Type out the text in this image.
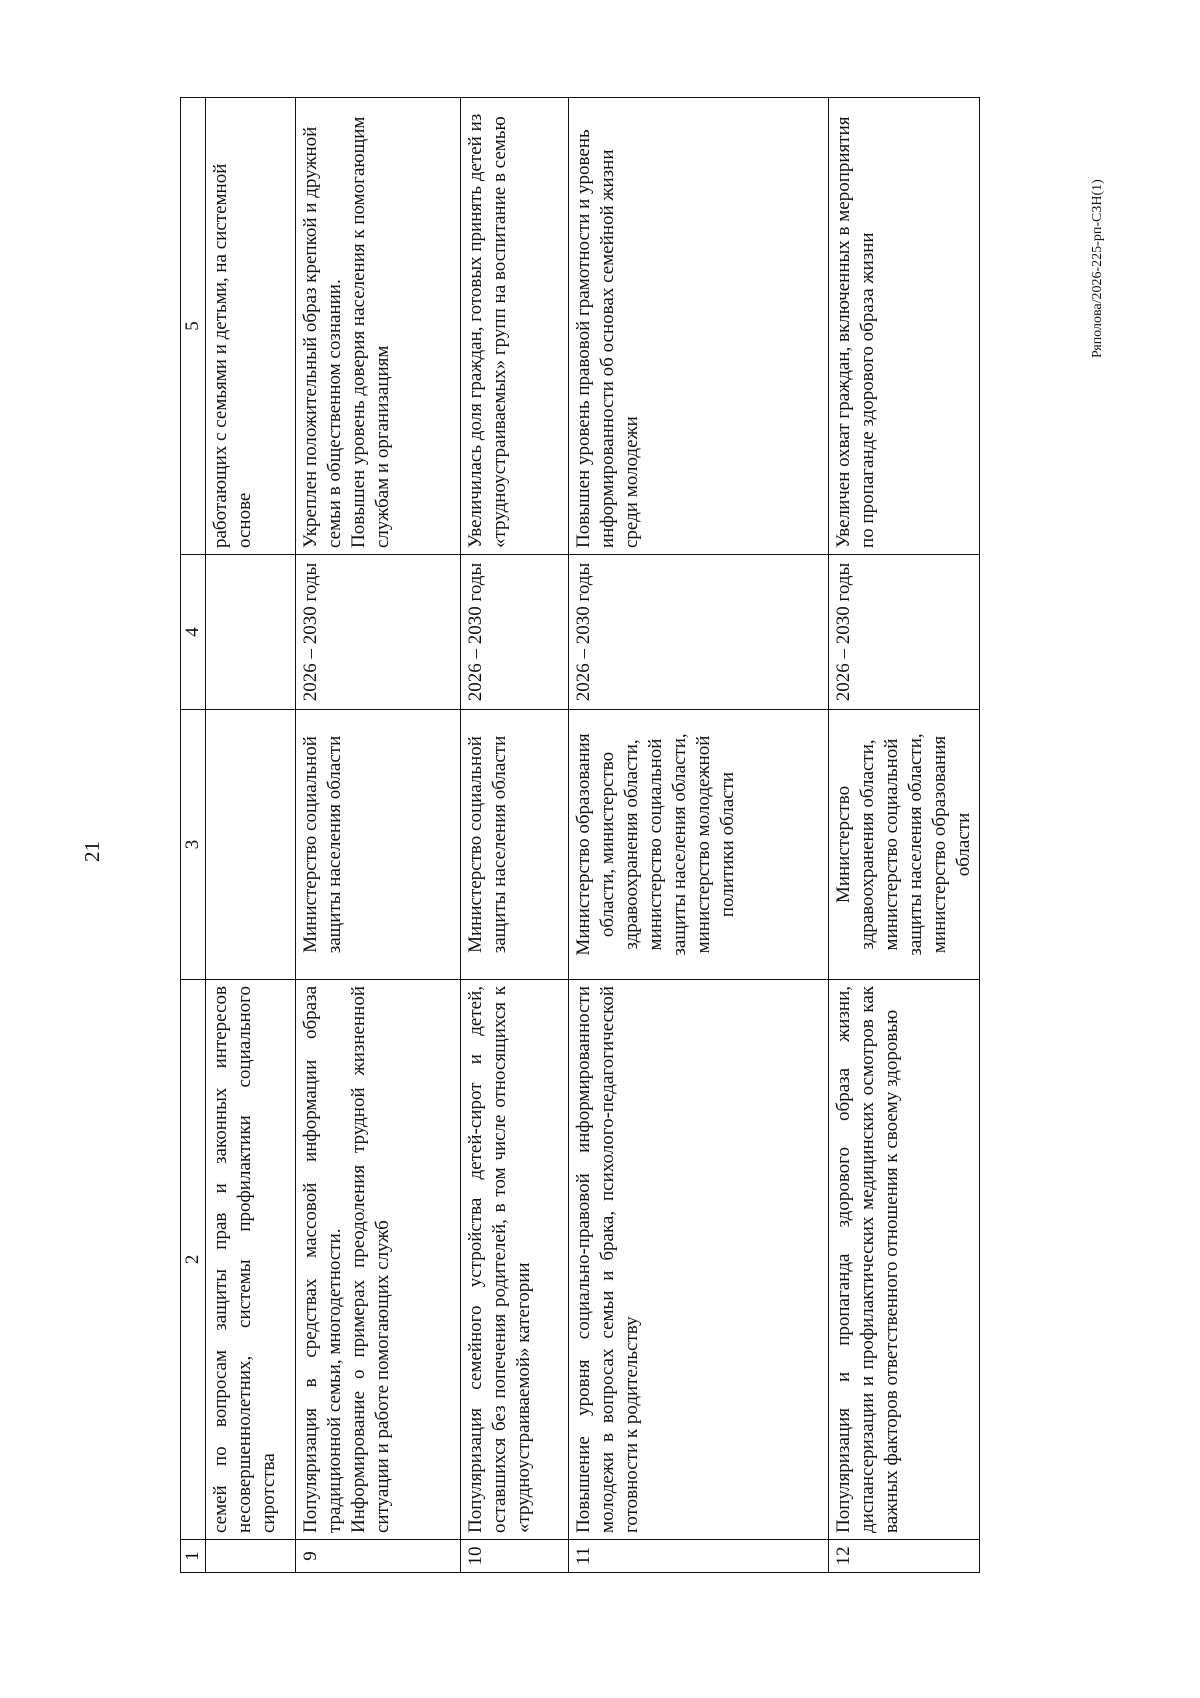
21
1	2	3	4	5
	семей по вопросам защиты прав и законных интересов несовершеннолетних, системы профилактики социального сиротства			работающих с семьями и детьми, на системной основе
9	Популяризация в средствах массовой информации образа традиционной семьи, многодетности.
Информирование о примерах преодоления трудной жизненной ситуации и работе помогающих служб	Министерство социальной защиты населения области	2026 – 2030 годы	Укреплен положительный образ крепкой и дружной семьи в общественном сознании.
Повышен уровень доверия населения к помогающим службам и организациям
10	Популяризация семейного устройства детей-сирот и детей, оставшихся без попечения родителей, в том числе относящихся к «трудноустраиваемой» категории	Министерство социальной защиты населения области	2026 – 2030 годы	Увеличилась доля граждан, готовых принять детей из «трудноустраиваемых» групп на воспитание в семью
11	Повышение уровня социально-правовой информированности молодежи в вопросах семьи и брака, психолого-педагогической готовности к родительству	Министерство образования области, министерство здравоохранения области, министерство социальной защиты населения области, министерство молодежной политики области	2026 – 2030 годы	Повышен уровень правовой грамотности и уровень информированности об основах семейной жизни среди молодежи
12	Популяризация и пропаганда здорового образа жизни, диспансеризации и профилактических медицинских осмотров как важных факторов ответственного отношения к своему здоровью	Министерство здравоохранения области, министерство социальной защиты населения области, министерство образования области	2026 – 2030 годы	Увеличен охват граждан, включенных в мероприятия по пропаганде здорового образа жизни	Ряполова/2026-225-рп-СЗН(1)
